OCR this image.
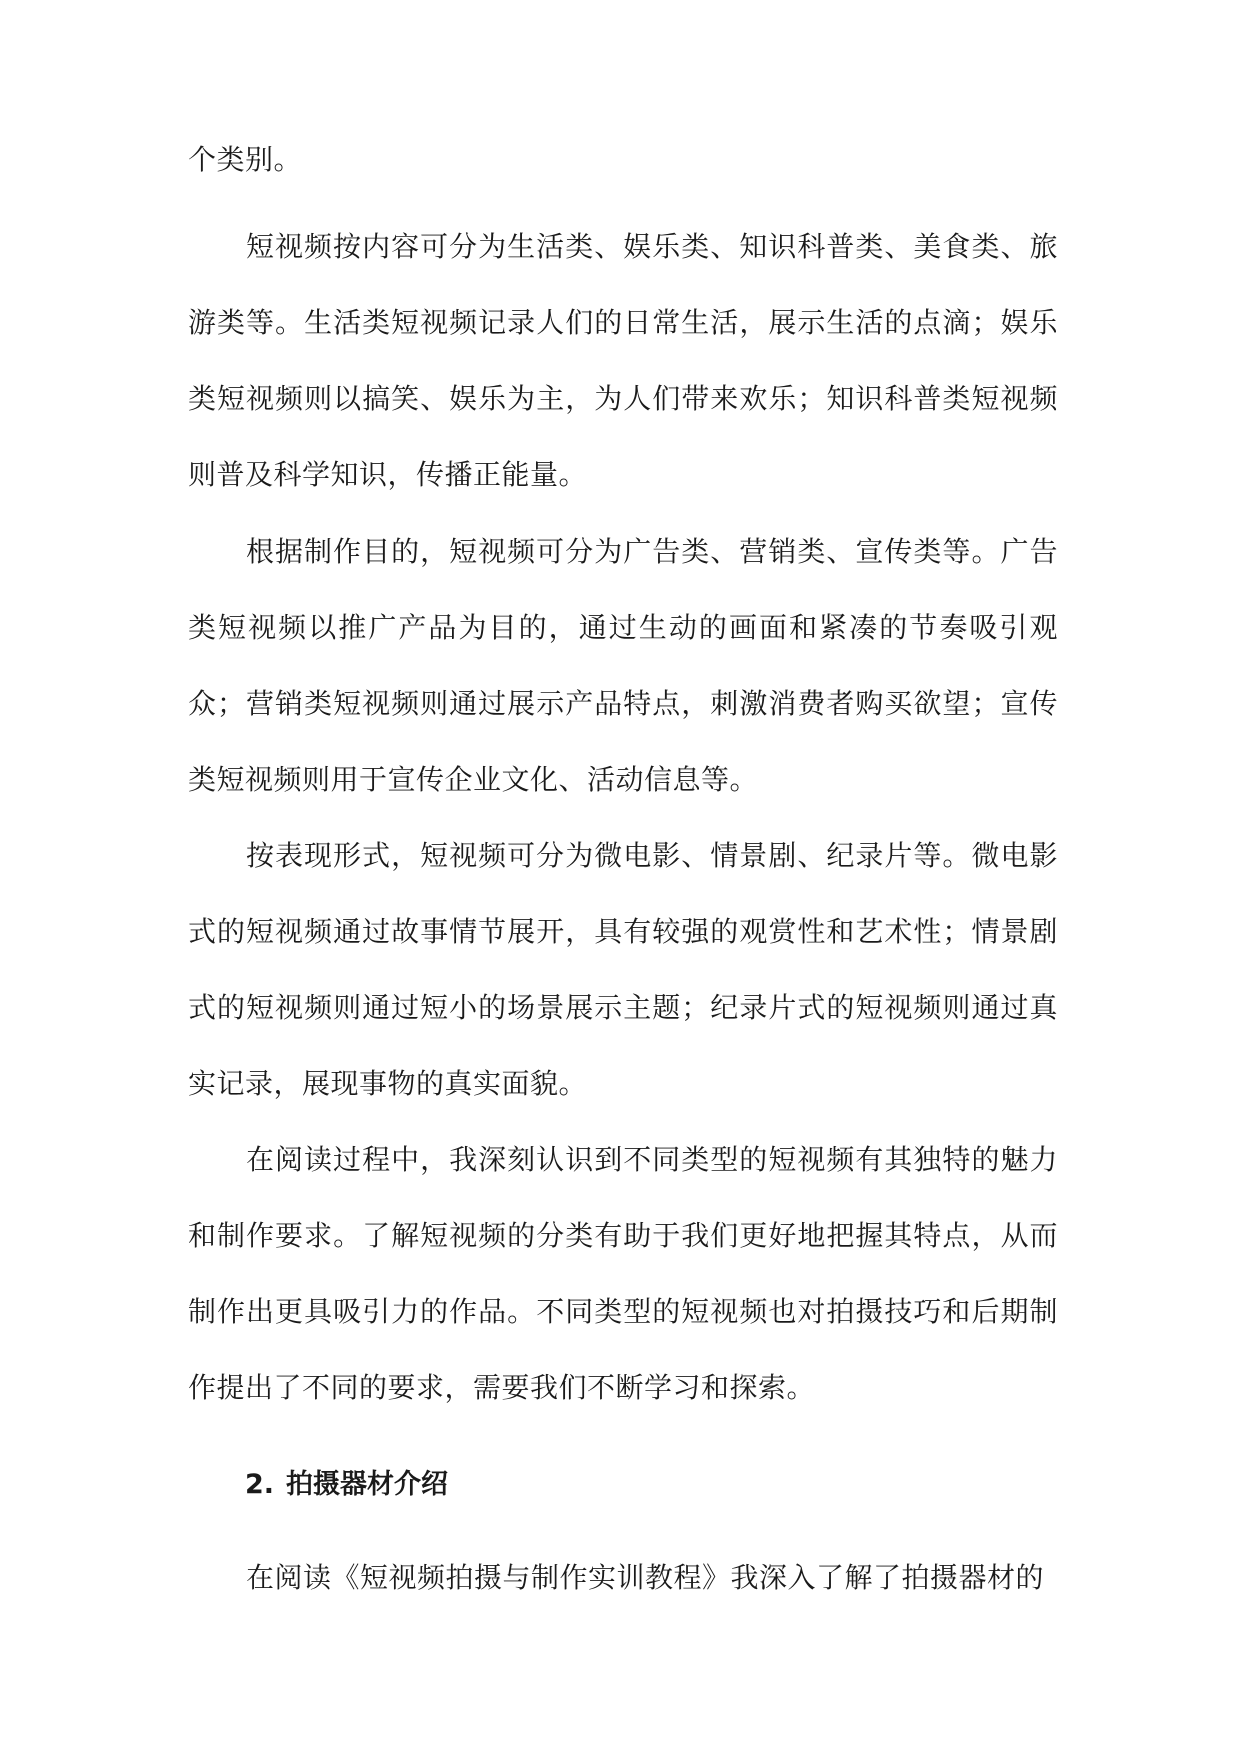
个类别。

短视频按内容可分为生活类、娱乐类、知识科普类、美食类、旅游类等。生活类短视频记录人们的日常生活，展示生活的点滴；娱乐类短视频则以搞笑、娱乐为主，为人们带来欢乐；知识科普类短视频则普及科学知识，传播正能量。

根据制作目的，短视频可分为广告类、营销类、宣传类等。广告类短视频以推广产品为目的，通过生动的画面和紧凑的节奏吸引观众；营销类短视频则通过展示产品特点，刺激消费者购买欲望；宣传类短视频则用于宣传企业文化、活动信息等。

按表现形式，短视频可分为微电影、情景剧、纪录片等。微电影式的短视频通过故事情节展开，具有较强的观赏性和艺术性；情景剧式的短视频则通过短小的场景展示主题；纪录片式的短视频则通过真实记录，展现事物的真实面貌。

在阅读过程中，我深刻认识到不同类型的短视频有其独特的魅力和制作要求。了解短视频的分类有助于我们更好地把握其特点，从而制作出更具吸引力的作品。不同类型的短视频也对拍摄技巧和后期制作提出了不同的要求，需要我们不断学习和探索。

2. 拍摄器材介绍

在阅读《短视频拍摄与制作实训教程》我深入了解了拍摄器材的
